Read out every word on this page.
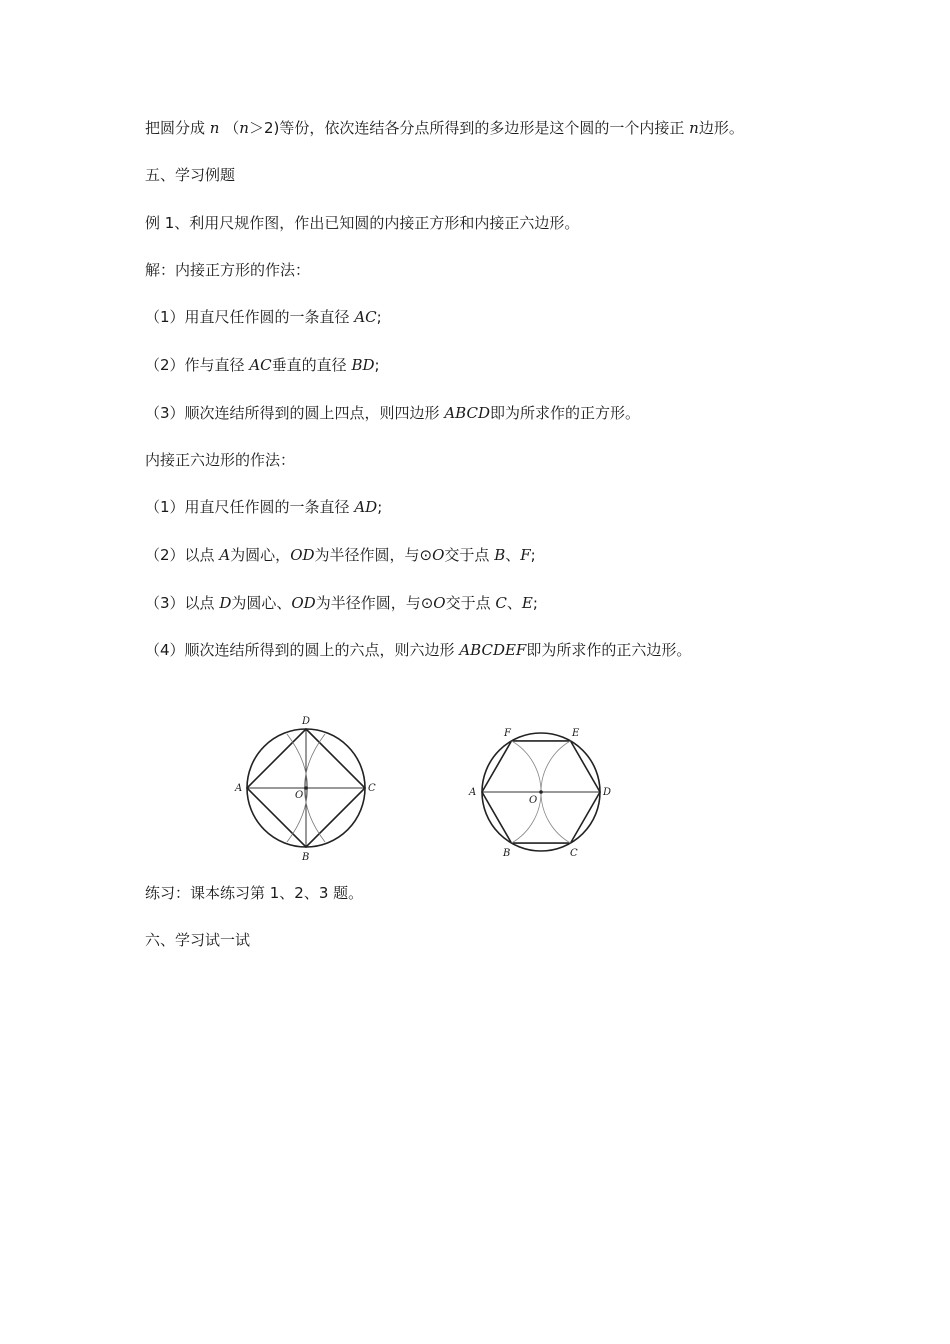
把圆分成 n （n＞2)等份，依次连结各分点所得到的多边形是这个圆的一个内接正 n边形。
五、学习例题
例 1、利用尺规作图，作出已知圆的内接正方形和内接正六边形。
解：内接正方形的作法：
（1）用直尺任作圆的一条直径 AC;
（2）作与直径 AC垂直的直径 BD;
（3）顺次连结所得到的圆上四点，则四边形 ABCD即为所求作的正方形。
内接正六边形的作法：
（1）用直尺任作圆的一条直径 AD;
（2）以点 A为圆心，OD为半径作圆，与⊙O交于点 B、F;
（3）以点 D为圆心、OD为半径作圆，与⊙O交于点 C、E;
（4）顺次连结所得到的圆上的六点，则六边形 ABCDEF即为所求作的正六边形。
D
A	C
B
O
F	E
A	D
B	C
O
练习：课本练习第 1、2、3 题。
六、学习试一试
